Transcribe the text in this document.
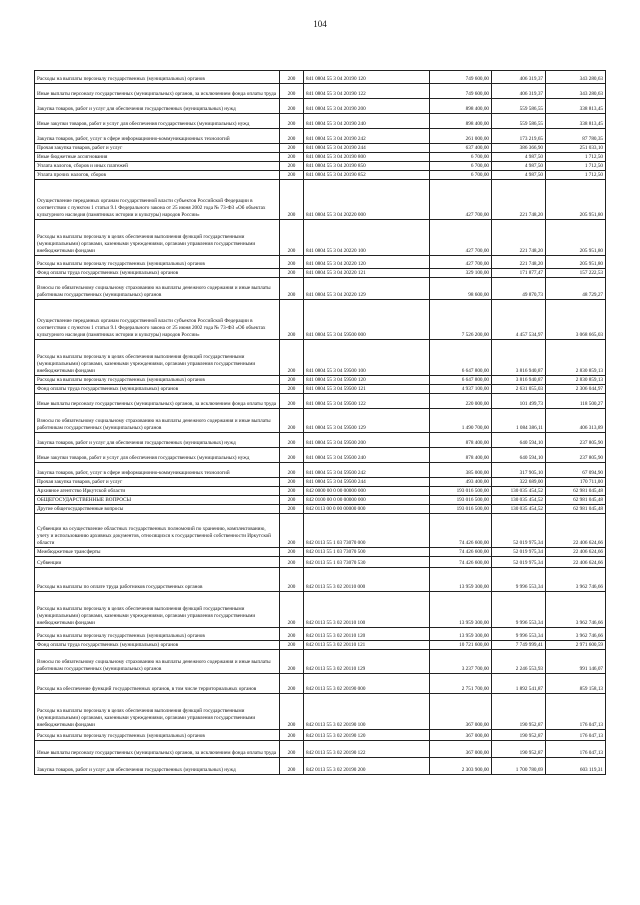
104
Расходы на выплаты персоналу государственных (муниципальных) органов	200	841 0804 55 3 04 20190 120	749 600,00	406 319,37	343 280,63
Иные выплаты персоналу государственных (муниципальных) органов, за исключением фонда оплаты труда	200	841 0804 55 3 04 20190 122	749 600,00	406 319,37	343 280,63
Закупка товаров, работ и услуг для обеспечения государственных (муниципальных) нужд	200	841 0804 55 3 04 20190 200	898 400,00	559 586,55	338 813,45
Иные закупки товаров, работ и услуг для обеспечения государственных (муниципальных) нужд	200	841 0804 55 3 04 20190 240	898 400,00	559 586,55	338 813,45
Закупка товаров, работ, услуг в сфере информационно-коммуникационных технологий	200	841 0804 55 3 04 20190 242	261 000,00	173 219,65	87 780,35
Прочая закупка товаров, работ и услуг	200	841 0804 55 3 04 20190 244	637 400,00	386 366,90	251 033,10
Иные бюджетные ассигнования	200	841 0804 55 3 04 20190 800	6 700,00	4 987,50	1 712,50
Уплата налогов, сборов и иных платежей	200	841 0804 55 3 04 20190 850	6 700,00	4 987,50	1 712,50
Уплата прочих налогов, сборов	200	841 0804 55 3 04 20190 852	6 700,00	4 987,50	1 712,50
Осуществление переданных органам государственной власти субъектов Российской Федерации в соответствии с пунктом 1 статьи 9.1 Федерального закона от 25 июня 2002 года № 73-ФЗ «Об объектах культурного наследия (памятниках истории и культуры) народов России»	200	841 0804 55 3 04 20220 000	427 700,00	221 748,20	205 951,80
Расходы на выплаты персоналу в целях обеспечения выполнения функций государственными (муниципальными) органами, казенными учреждениями, органами управления государственными внебюджетными фондами	200	841 0804 55 3 04 20220 100	427 700,00	221 748,20	205 951,80
Расходы на выплаты персоналу государственных (муниципальных) органов	200	841 0804 55 3 04 20220 120	427 700,00	221 748,20	205 951,80
Фонд оплаты труда государственных (муниципальных) органов	200	841 0804 55 3 04 20220 121	329 100,00	171 877,47	157 222,53
Взносы по обязательному социальному страхованию на выплаты денежного содержания и иные выплаты работникам государственных (муниципальных) органов	200	841 0804 55 3 04 20220 129	98 600,00	49 870,73	48 729,27
Осуществление переданных органам государственной власти субъектов Российской Федерации в соответствии с пунктом 1 статьи 9.1 Федерального закона от 25 июня 2002 года № 73-ФЗ «Об объектах культурного наследия (памятниках истории и культуры) народов России»	200	841 0804 55 3 04 59500 000	7 526 200,00	4 457 534,97	3 068 665,03
Расходы на выплаты персоналу в целях обеспечения выполнения функций государственными (муниципальными) органами, казенными учреждениями, органами управления государственными внебюджетными фондами	200	841 0804 55 3 04 59500 100	6 647 800,00	3 816 940,87	2 830 859,13
Расходы на выплаты персоналу государственных (муниципальных) органов	200	841 0804 55 3 04 59500 120	6 647 800,00	3 816 940,87	2 830 859,13
Фонд оплаты труда государственных (муниципальных) органов	200	841 0804 55 3 04 59500 121	4 937 100,00	2 631 055,03	2 306 044,97
Иные выплаты персоналу государственных (муниципальных) органов, за исключением фонда оплаты труда	200	841 0804 55 3 04 59500 122	220 000,00	101 499,73	118 500,27
Взносы по обязательному социальному страхованию на выплаты денежного содержания и иные выплаты работникам государственных (муниципальных) органов	200	841 0804 55 3 04 59500 129	1 490 700,00	1 084 386,11	406 313,89
Закупка товаров, работ и услуг для обеспечения государственных (муниципальных) нужд	200	841 0804 55 3 04 59500 200	878 400,00	640 594,10	237 805,90
Иные закупки товаров, работ и услуг для обеспечения государственных (муниципальных) нужд	200	841 0804 55 3 04 59500 240	878 400,00	640 594,10	237 805,90
Закупка товаров, работ, услуг в сфере информационно-коммуникационных технологий	200	841 0804 55 3 04 59500 242	385 000,00	317 905,10	67 094,90
Прочая закупка товаров, работ и услуг	200	841 0804 55 3 04 59500 244	493 400,00	322 689,00	170 711,00
Архивное агентство Иркутской области	200	842 0000 00 0 00 00000 000	193 016 500,00	130 035 454,52	62 981 045,48
ОБЩЕГОСУДАРСТВЕННЫЕ ВОПРОСЫ	200	842 0100 00 0 00 00000 000	193 016 500,00	130 035 454,52	62 981 045,48
Другие общегосударственные вопросы	200	842 0113 00 0 00 00000 000	193 016 500,00	130 035 454,52	62 981 045,48
Субвенции на осуществление областных государственных полномочий по хранению, комплектованию, учету и использованию архивных документов, относящихся к государственной собственности Иркутской области	200	842 0113 55 1 03 73070 000	74 426 600,00	52 019 975,34	22 406 624,66
Межбюджетные трансферты	200	842 0113 55 1 03 73070 500	74 426 600,00	52 019 975,34	22 406 624,66
Субвенции	200	842 0113 55 1 03 73070 530	74 426 600,00	52 019 975,34	22 406 624,66
Расходы на выплаты по оплате труда работников государственных органов	200	842 0113 55 3 02 20110 000	13 959 300,00	9 996 553,34	3 962 746,66
Расходы на выплаты персоналу в целях обеспечения выполнения функций государственными (муниципальными) органами, казенными учреждениями, органами управления государственными внебюджетными фондами	200	842 0113 55 3 02 20110 100	13 959 300,00	9 996 553,34	3 962 746,66
Расходы на выплаты персоналу государственных (муниципальных) органов	200	842 0113 55 3 02 20110 120	13 959 300,00	9 996 553,34	3 962 746,66
Фонд оплаты труда государственных (муниципальных) органов	200	842 0113 55 3 02 20110 121	10 721 600,00	7 749 999,41	2 971 600,59
Взносы по обязательному социальному страхованию на выплаты денежного содержания и иные выплаты работникам государственных (муниципальных) органов	200	842 0113 55 3 02 20110 129	3 237 700,00	2 246 553,93	991 146,07
Расходы на обеспечение функций государственных органов, в том числе территориальных органов	200	842 0113 55 3 02 20190 000	2 751 700,00	1 892 541,87	859 158,13
Расходы на выплаты персоналу в целях обеспечения выполнения функций государственными (муниципальными) органами, казенными учреждениями, органами управления государственными внебюджетными фондами	200	842 0113 55 3 02 20190 100	367 000,00	190 952,87	176 047,13
Расходы на выплаты персоналу государственных (муниципальных) органов	200	842 0113 55 3 02 20190 120	367 000,00	190 952,87	176 047,13
Иные выплаты персоналу государственных (муниципальных) органов, за исключением фонда оплаты труда	200	842 0113 55 3 02 20190 122	367 000,00	190 952,87	176 047,13
Закупка товаров, работ и услуг для обеспечения государственных (муниципальных) нужд	200	842 0113 55 3 02 20190 200	2 303 900,00	1 700 780,69	603 119,31
